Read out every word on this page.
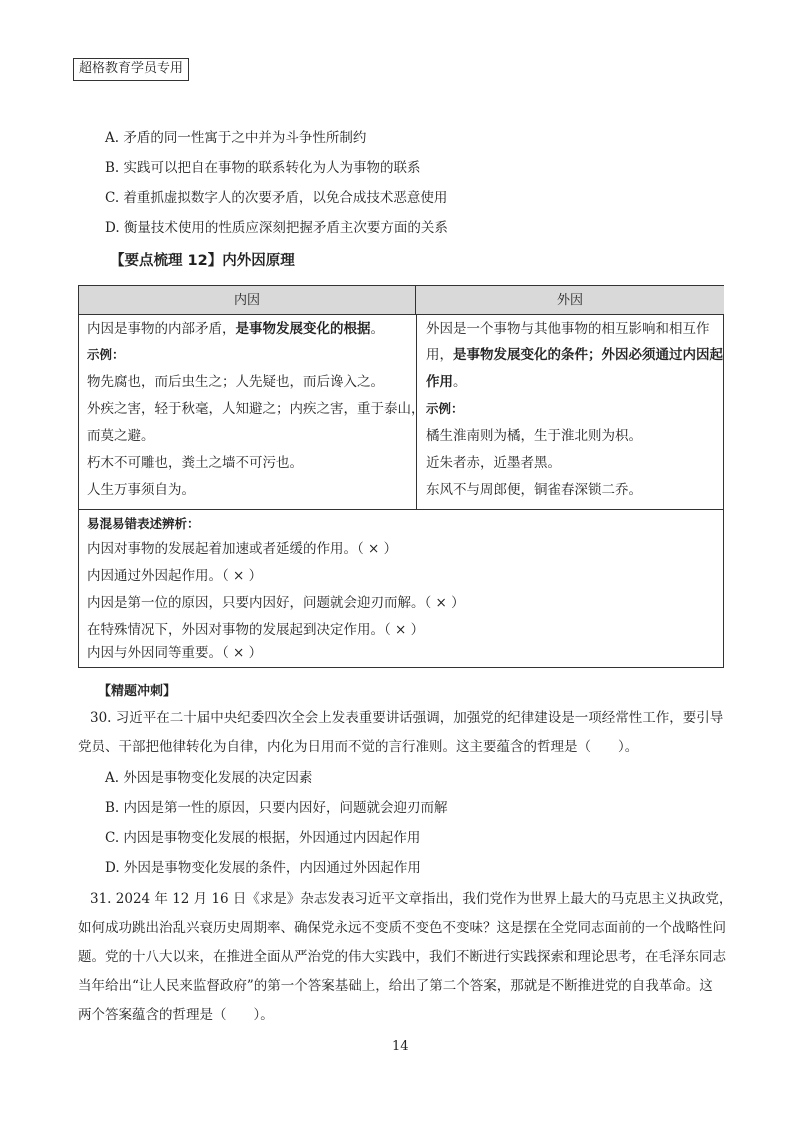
超格教育学员专用
A. 矛盾的同一性寓于之中并为斗争性所制约
B. 实践可以把自在事物的联系转化为人为事物的联系
C. 着重抓虚拟数字人的次要矛盾，以免合成技术恶意使用
D. 衡量技术使用的性质应深刻把握矛盾主次要方面的关系
【要点梳理 12】内外因原理
内因	外因
内因是事物的内部矛盾，是事物发展变化的根据。
示例：
物先腐也，而后虫生之；人先疑也，而后谗入之。
外疾之害，轻于秋毫，人知避之；内疾之害，重于泰山，
而莫之避。
朽木不可雕也，粪土之墙不可污也。
人生万事须自为。
外因是一个事物与其他事物的相互影响和相互作
用，是事物发展变化的条件；外因必须通过内因起
作用。
示例：
橘生淮南则为橘，生于淮北则为枳。
近朱者赤，近墨者黑。
东风不与周郎便，铜雀春深锁二乔。
易混易错表述辨析：
内因对事物的发展起着加速或者延缓的作用。（ × ）
内因通过外因起作用。（ × ）
内因是第一位的原因，只要内因好，问题就会迎刃而解。（ × ）
在特殊情况下，外因对事物的发展起到决定作用。（ × ）
内因与外因同等重要。（ × ）
【精题冲刺】
30. 习近平在二十届中央纪委四次全会上发表重要讲话强调，加强党的纪律建设是一项经常性工作，要引导
党员、干部把他律转化为自律，内化为日用而不觉的言行准则。这主要蕴含的哲理是（　　）。
A. 外因是事物变化发展的决定因素
B. 内因是第一性的原因，只要内因好，问题就会迎刃而解
C. 内因是事物变化发展的根据，外因通过内因起作用
D. 外因是事物变化发展的条件，内因通过外因起作用
31. 2024 年 12 月 16 日《求是》杂志发表习近平文章指出，我们党作为世界上最大的马克思主义执政党，
如何成功跳出治乱兴衰历史周期率、确保党永远不变质不变色不变味？这是摆在全党同志面前的一个战略性问
题。党的十八大以来，在推进全面从严治党的伟大实践中，我们不断进行实践探索和理论思考，在毛泽东同志
当年给出“让人民来监督政府”的第一个答案基础上，给出了第二个答案，那就是不断推进党的自我革命。这
两个答案蕴含的哲理是（　　）。
14
